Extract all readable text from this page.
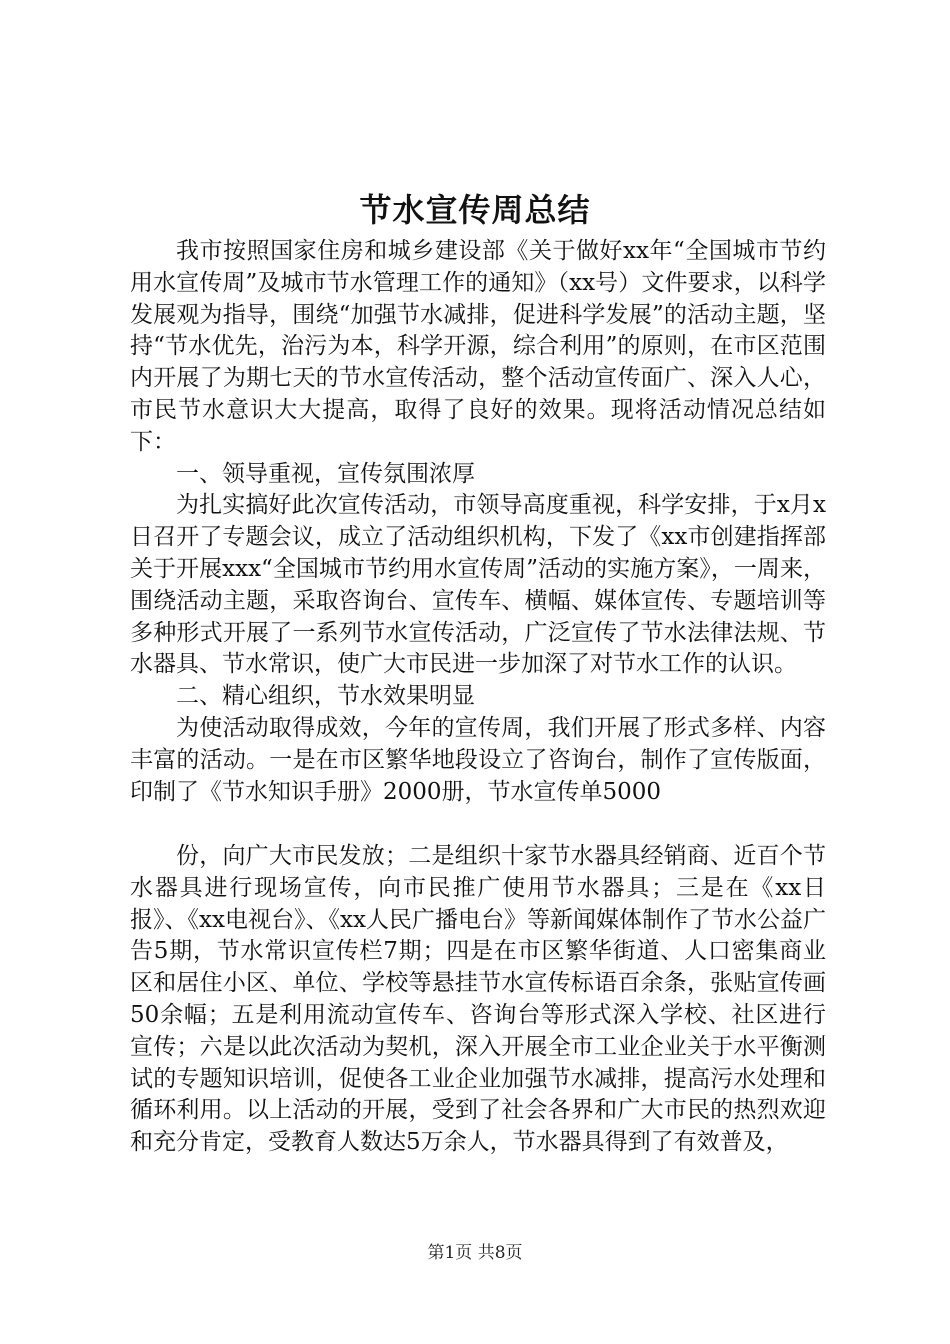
节水宣传周总结

我市按照国家住房和城乡建设部《关于做好xx年“全国城市节约用水宣传周”及城市节水管理工作的通知》（xx号）文件要求，以科学发展观为指导，围绕“加强节水减排，促进科学发展”的活动主题，坚持“节水优先，治污为本，科学开源，综合利用”的原则，在市区范围内开展了为期七天的节水宣传活动，整个活动宣传面广、深入人心，市民节水意识大大提高，取得了良好的效果。现将活动情况总结如下：

一、领导重视，宣传氛围浓厚

为扎实搞好此次宣传活动，市领导高度重视，科学安排，于x月x日召开了专题会议，成立了活动组织机构，下发了《xx市创建指挥部关于开展xxx“全国城市节约用水宣传周”活动的实施方案》，一周来，围绕活动主题，采取咨询台、宣传车、横幅、媒体宣传、专题培训等多种形式开展了一系列节水宣传活动，广泛宣传了节水法律法规、节水器具、节水常识，使广大市民进一步加深了对节水工作的认识。

二、精心组织，节水效果明显

为使活动取得成效，今年的宣传周，我们开展了形式多样、内容丰富的活动。一是在市区繁华地段设立了咨询台，制作了宣传版面，印制了《节水知识手册》2000册，节水宣传单5000

份，向广大市民发放；二是组织十家节水器具经销商、近百个节水器具进行现场宣传，向市民推广使用节水器具；三是在《xx日报》、《xx电视台》、《xx人民广播电台》等新闻媒体制作了节水公益广告5期，节水常识宣传栏7期；四是在市区繁华街道、人口密集商业区和居住小区、单位、学校等悬挂节水宣传标语百余条，张贴宣传画50余幅；五是利用流动宣传车、咨询台等形式深入学校、社区进行宣传；六是以此次活动为契机，深入开展全市工业企业关于水平衡测试的专题知识培训，促使各工业企业加强节水减排，提高污水处理和循环利用。以上活动的开展，受到了社会各界和广大市民的热烈欢迎和充分肯定，受教育人数达5万余人，节水器具得到了有效普及，

第1页 共8页
